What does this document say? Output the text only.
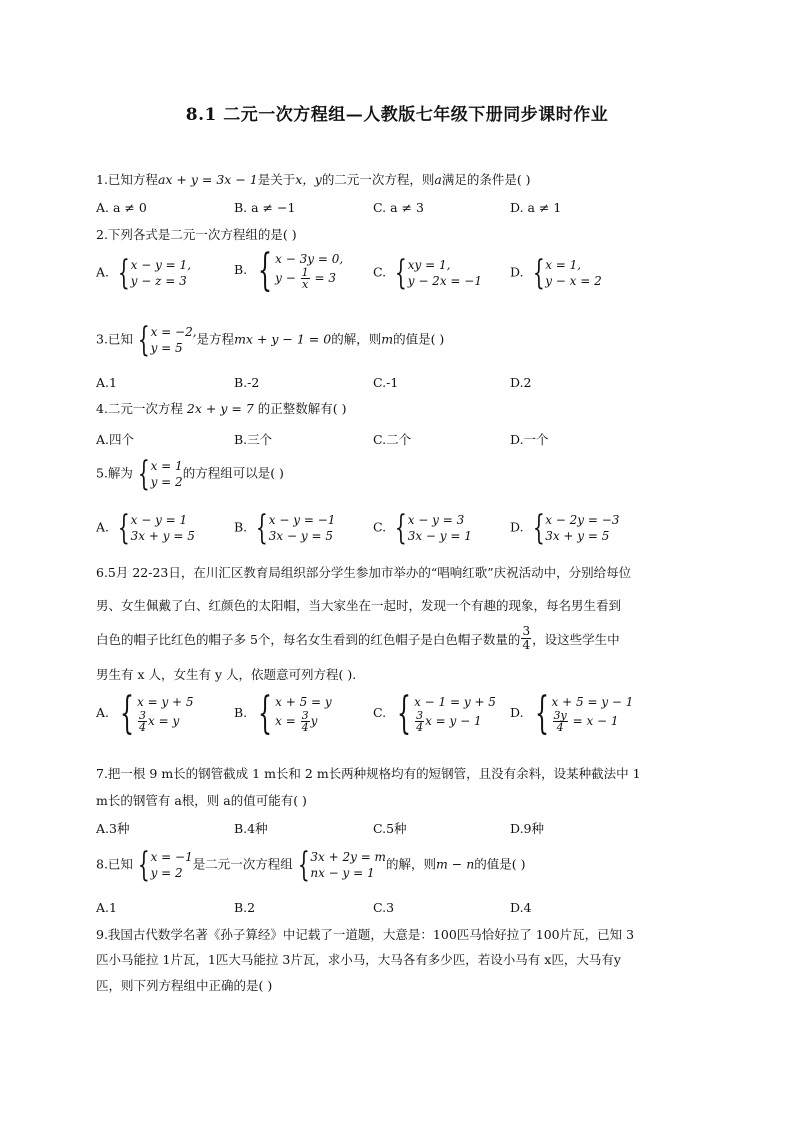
8.1 二元一次方程组—人教版七年级下册同步课时作业
1.已知方程ax + y = 3x − 1是关于x，y的二元一次方程，则a满足的条件是( )
A. a ≠ 0	B. a ≠ −1	C. a ≠ 3	D. a ≠ 1
2.下列各式是二元一次方程组的是( )
A. { x − y = 1,
y − z = 3
B. { x − 3y = 0,
$y - \frac{1}{x} = 3$	C. { xy = 1,
y − 2x = −1
D. { x = 1,
y − x = 2
3.已知 { x = −2,
y = 5
是方程mx + y − 1 = 0的解，则m的值是( )
A.1	B.-2	C.-1	D.2
4.二元一次方程 2x + y = 7 的正整数解有( )
A.四个	B.三个	C.二个	D.一个
5.解为 { x = 1
y = 2
的方程组可以是( )
A. { x − y = 1
3x + y = 5
B. { x − y = −1
3x − y = 5
C. { x − y = 3
3x − y = 1
D. { x − 2y = −3
3x + y = 5
6.5月 22-23日，在川汇区教育局组织部分学生参加市举办的“唱响红歌”庆祝活动中，分别给每位
男、女生佩戴了白、红颜色的太阳帽，当大家坐在一起时，发现一个有趣的现象，每名男生看到
白色的帽子比红色的帽子多 5个，每名女生看到的红色帽子是白色帽子数量的 $\frac{3}{4}$ ，设这些学生中
男生有 x 人，女生有 y 人，依题意可列方程( ).
A. { x = y + 5
$\frac{3}{4}$ x = y
B. { x + 5 = y
$x = \frac{3}{4}$ y
C. { x − 1 = y + 5
$\frac{3}{4}$ x = y − 1
D. { x + 5 = y − 1
$\frac{3y}{4} = x - 1$
7.把一根 9 m长的钢管截成 1 m长和 2 m长两种规格均有的短钢管，且没有余料，设某种截法中 1
m长的钢管有 a根，则 a的值可能有( )
A.3种	B.4种	C.5种	D.9种
8.已知 { x = −1
y = 2
是二元一次方程组 { 3x + 2y = m
nx − y = 1
的解，则m − n的值是( )
A.1	B.2	C.3	D.4
9.我国古代数学名著《孙子算经》中记载了一道题，大意是：100匹马恰好拉了 100片瓦，已知 3
匹小马能拉 1片瓦，1匹大马能拉 3片瓦，求小马，大马各有多少匹，若设小马有 x匹，大马有y
匹，则下列方程组中正确的是( )
